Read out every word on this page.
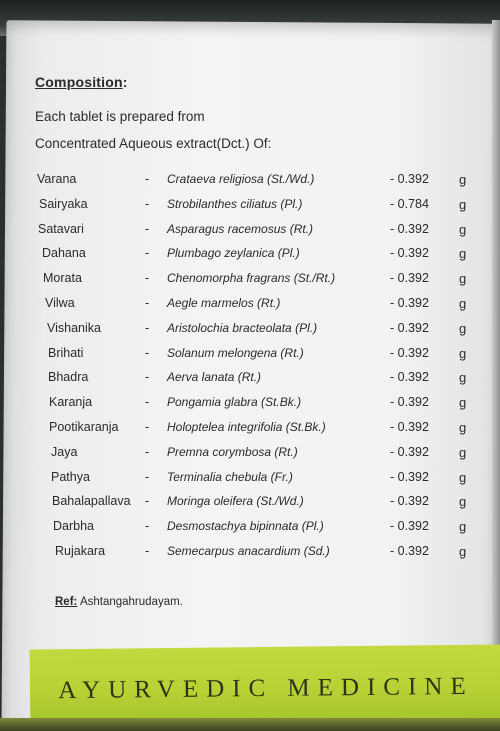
Composition:
Each tablet is prepared from
Concentrated Aqueous extract(Dct.) Of:
Varana	- Crataeva religiosa (St./Wd.)	- 0.392 g
Sairyaka	- Strobilanthes ciliatus (Pl.)	- 0.784 g
Satavari	- Asparagus racemosus (Rt.)	- 0.392 g
Dahana	- Plumbago zeylanica (Pl.)	- 0.392 g
Morata	- Chenomorpha fragrans (St./Rt.)	- 0.392 g
Vilwa	- Aegle marmelos (Rt.)	- 0.392 g
Vishanika	- Aristolochia bracteolata (Pl.)	- 0.392 g
Brihati	- Solanum melongena (Rt.)	- 0.392 g
Bhadra	- Aerva lanata (Rt.)	- 0.392 g
Karanja	- Pongamia glabra (St.Bk.)	- 0.392 g
Pootikaranja - Holoptelea integrifolia (St.Bk.)	- 0.392 g
Jaya	- Premna corymbosa (Rt.)	- 0.392 g
Pathya	- Terminalia chebula (Fr.)	- 0.392 g
Bahalapallava - Moringa oleifera (St./Wd.)	- 0.392 g
Darbha	- Desmostachya bipinnata (Pl.)	- 0.392 g
Rujakara	- Semecarpus anacardium (Sd.)	- 0.392 g
Ref: Ashtangahrudayam.
AYURVEDIC MEDICINE
